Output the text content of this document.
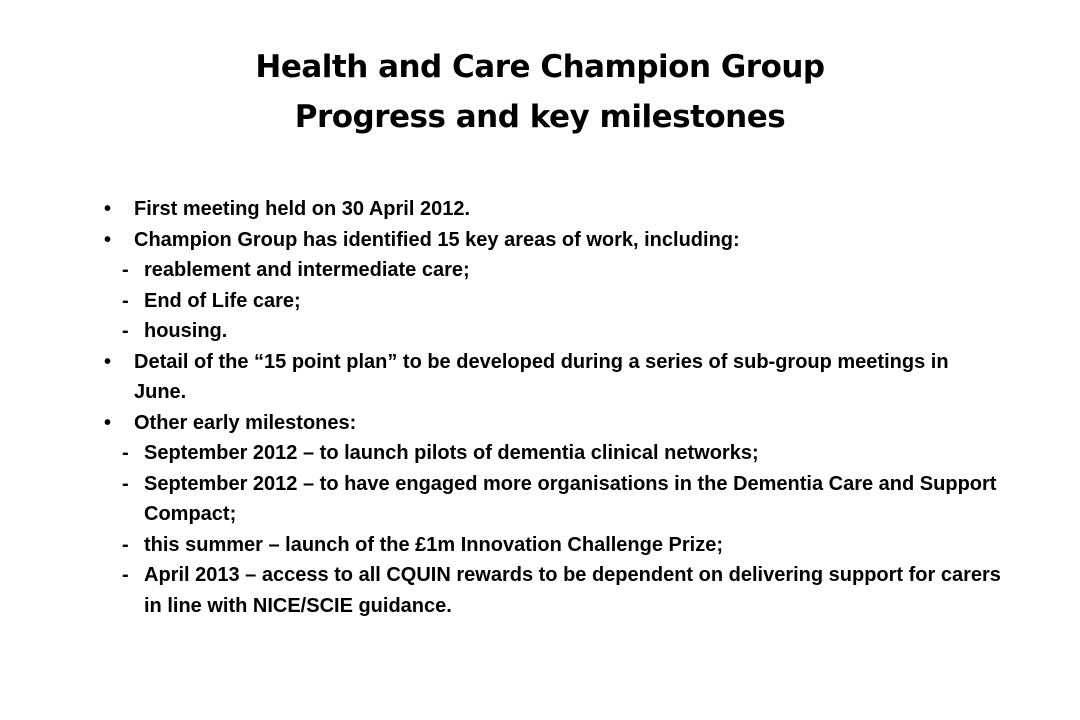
Health and Care Champion Group
Progress and key milestones
•	First meeting held on 30 April 2012.
•	Champion Group has identified 15 key areas of work, including:
- reablement and intermediate care;
- End of Life care;
- housing.
•	Detail of the “15 point plan” to be developed during a series of sub-group meetings in June.
•	Other early milestones:
- September 2012 – to launch pilots of dementia clinical networks;
- September 2012 – to have engaged more organisations in the Dementia Care and Support Compact;
- this summer – launch of the £1m Innovation Challenge Prize;
- April 2013 – access to all CQUIN rewards to be dependent on delivering support for carers in line with NICE/SCIE guidance.
